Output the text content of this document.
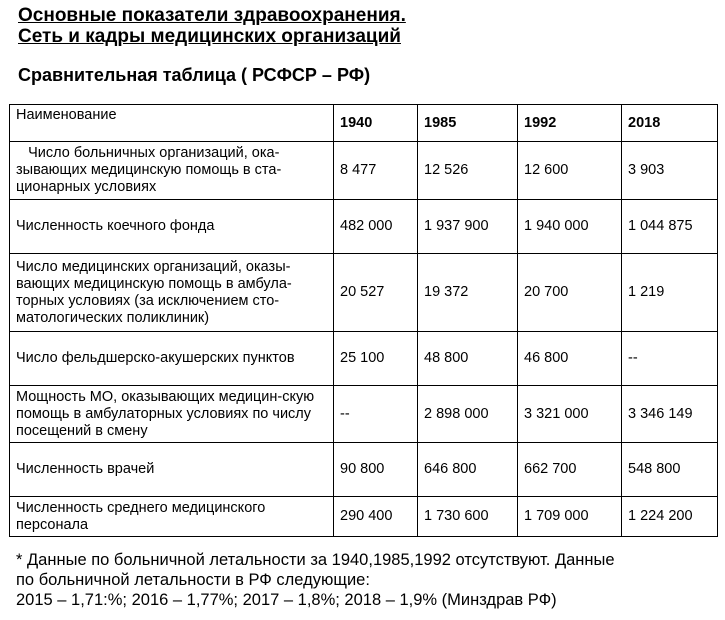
Основные показатели здравоохранения.
Сеть и кадры медицинских организаций
Сравнительная таблица ( РСФСР – РФ)
Наименование	1940	1985	1992	2018
Число больничных организаций, ока-зывающих медицинскую помощь в ста-ционарных условиях	8 477	12 526	12 600	3 903
Численность коечного фонда	482 000	1 937 900	1 940 000	1 044 875
Число медицинских организаций, оказы-вающих медицинскую помощь в амбула-торных условиях (за исключением сто-матологических поликлиник)	20 527	19 372	20 700	1 219
Число фельдшерско-акушерских пунктов	25 100	48 800	46 800	--
Мощность МО, оказывающих медицин-скую помощь в амбулаторных условиях по числу посещений в смену	--	2 898 000	3 321 000	3 346 149
Численность врачей	90 800	646 800	662 700	548 800
Численность среднего медицинского персонала	290 400	1 730 600	1 709 000	1 224 200
* Данные по больничной летальности за 1940,1985,1992 отсутствуют. Данные
по больничной летальности в РФ следующие:
2015 – 1,71:%; 2016 – 1,77%; 2017 – 1,8%; 2018 – 1,9% (Минздрав РФ)
